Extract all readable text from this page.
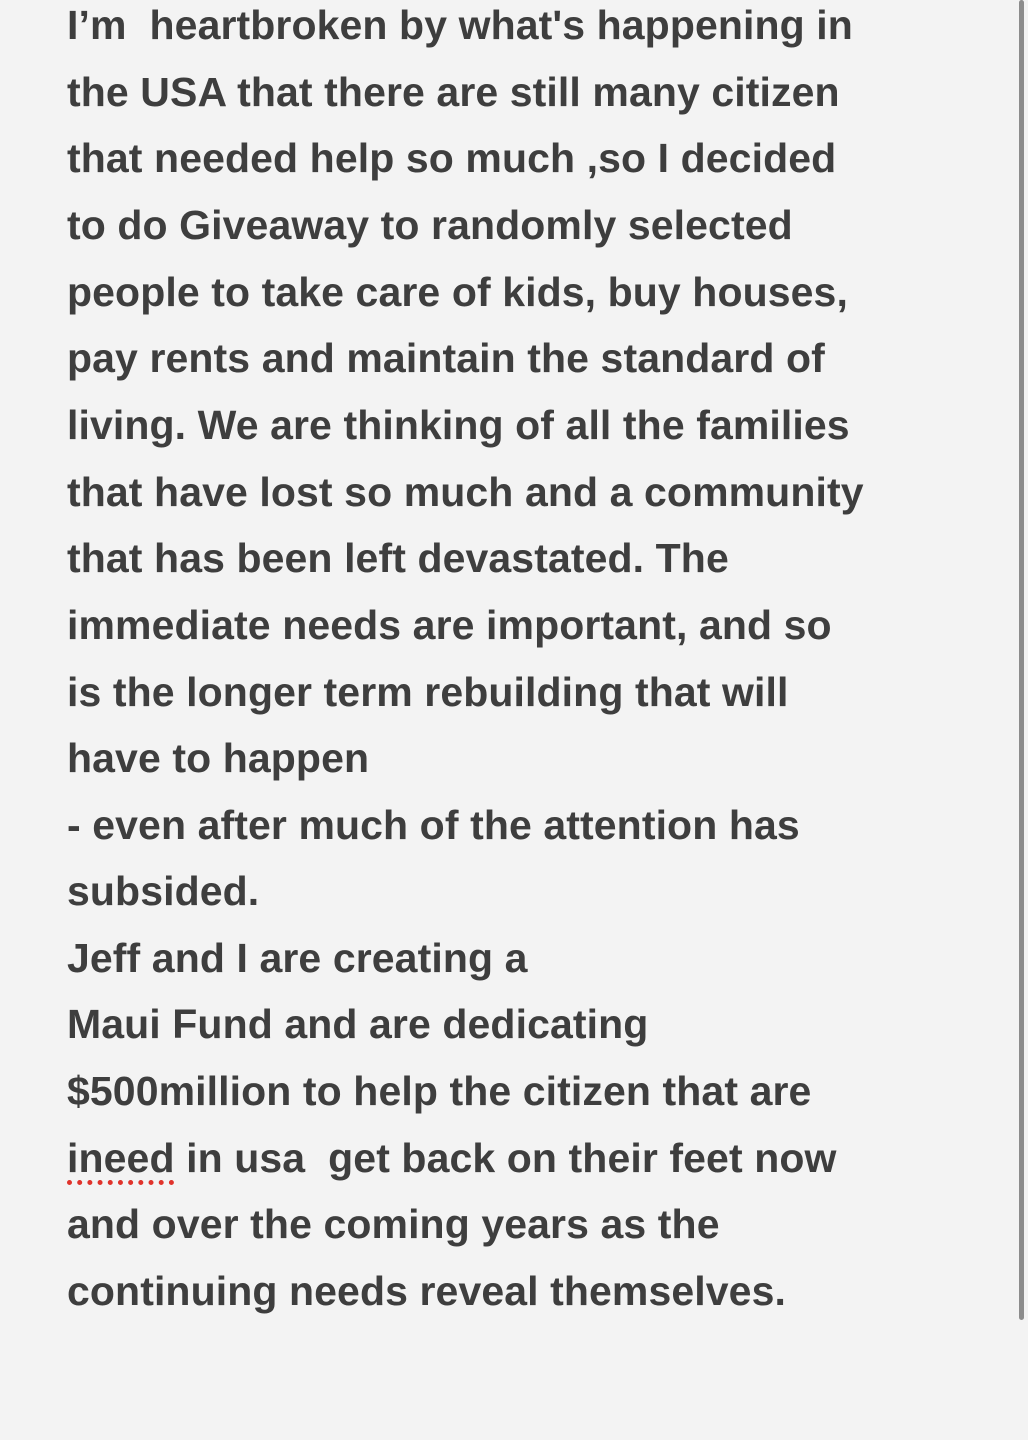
I’m  heartbroken by what's happening in
the USA that there are still many citizen
that needed help so much ,so I decided
to do Giveaway to randomly selected
people to take care of kids, buy houses,
pay rents and maintain the standard of
living. We are thinking of all the families
that have lost so much and a community
that has been left devastated. The
immediate needs are important, and so
is the longer term rebuilding that will
have to happen
- even after much of the attention has
subsided.
Jeff and I are creating a
Maui Fund and are dedicating
$500million to help the citizen that are
ineed in usa  get back on their feet now
and over the coming years as the
continuing needs reveal themselves.
